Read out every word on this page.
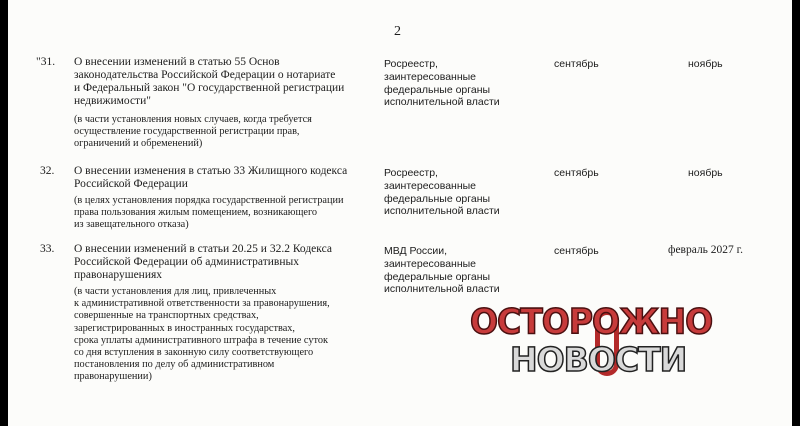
2
"31. О внесении изменений в статью 55 Основ
законодательства Российской Федерации о нотариате
и Федеральный закон "О государственной регистрации
недвижимости"
(в части установления новых случаев, когда требуется
осуществление государственной регистрации прав,
ограничений и обременений)
Росреестр,
заинтересованные
федеральные органы
исполнительной власти
сентябрь	ноябрь
32. О внесении изменения в статью 33 Жилищного кодекса
Российской Федерации
(в целях установления порядка государственной регистрации
права пользования жилым помещением, возникающего
из завещательного отказа)
Росреестр,
заинтересованные
федеральные органы
исполнительной власти
сентябрь	ноябрь
33. О внесении изменений в статьи 20.25 и 32.2 Кодекса
Российской Федерации об административных
правонарушениях
(в части установления для лиц, привлеченных
к административной ответственности за правонарушения,
совершенные на транспортных средствах,
зарегистрированных в иностранных государствах,
срока уплаты административного штрафа в течение суток
со дня вступления в законную силу соответствующего
постановления по делу об административном
правонарушении)
МВД России,
заинтересованные
федеральные органы
исполнительной власти
сентябрь	февраль 2027 г.
ОСТОРОЖНО
НОВОСТИ
